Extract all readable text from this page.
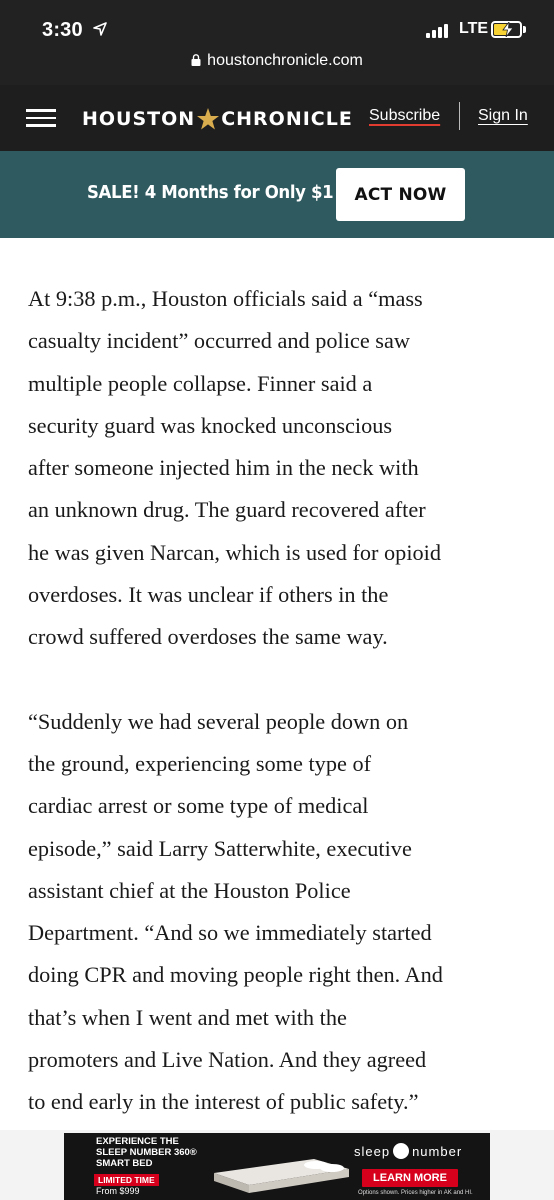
3:30	LTE
houstonchronicle.com
HOUSTON CHRONICLE Subscribe Sign In
SALE! 4 Months for Only $1	ACT NOW

At 9:38 p.m., Houston officials said a “mass

casualty incident” occurred and police saw

multiple people collapse. Finner said a

security guard was knocked unconscious

after someone injected him in the neck with

an unknown drug. The guard recovered after

he was given Narcan, which is used for opioid

overdoses. It was unclear if others in the

crowd suffered overdoses the same way.

“Suddenly we had several people down on

the ground, experiencing some type of

cardiac arrest or some type of medical

episode,” said Larry Satterwhite, executive

assistant chief at the Houston Police

Department. “And so we immediately started

doing CPR and moving people right then. And

that’s when I went and met with the

promoters and Live Nation. And they agreed

to end early in the interest of public safety.”

EXPERIENCE THE
SLEEP NUMBER 360®
SMART BED
LIMITED TIME
From $999
sleep number
LEARN MORE
Options shown. Prices higher in AK and HI.
